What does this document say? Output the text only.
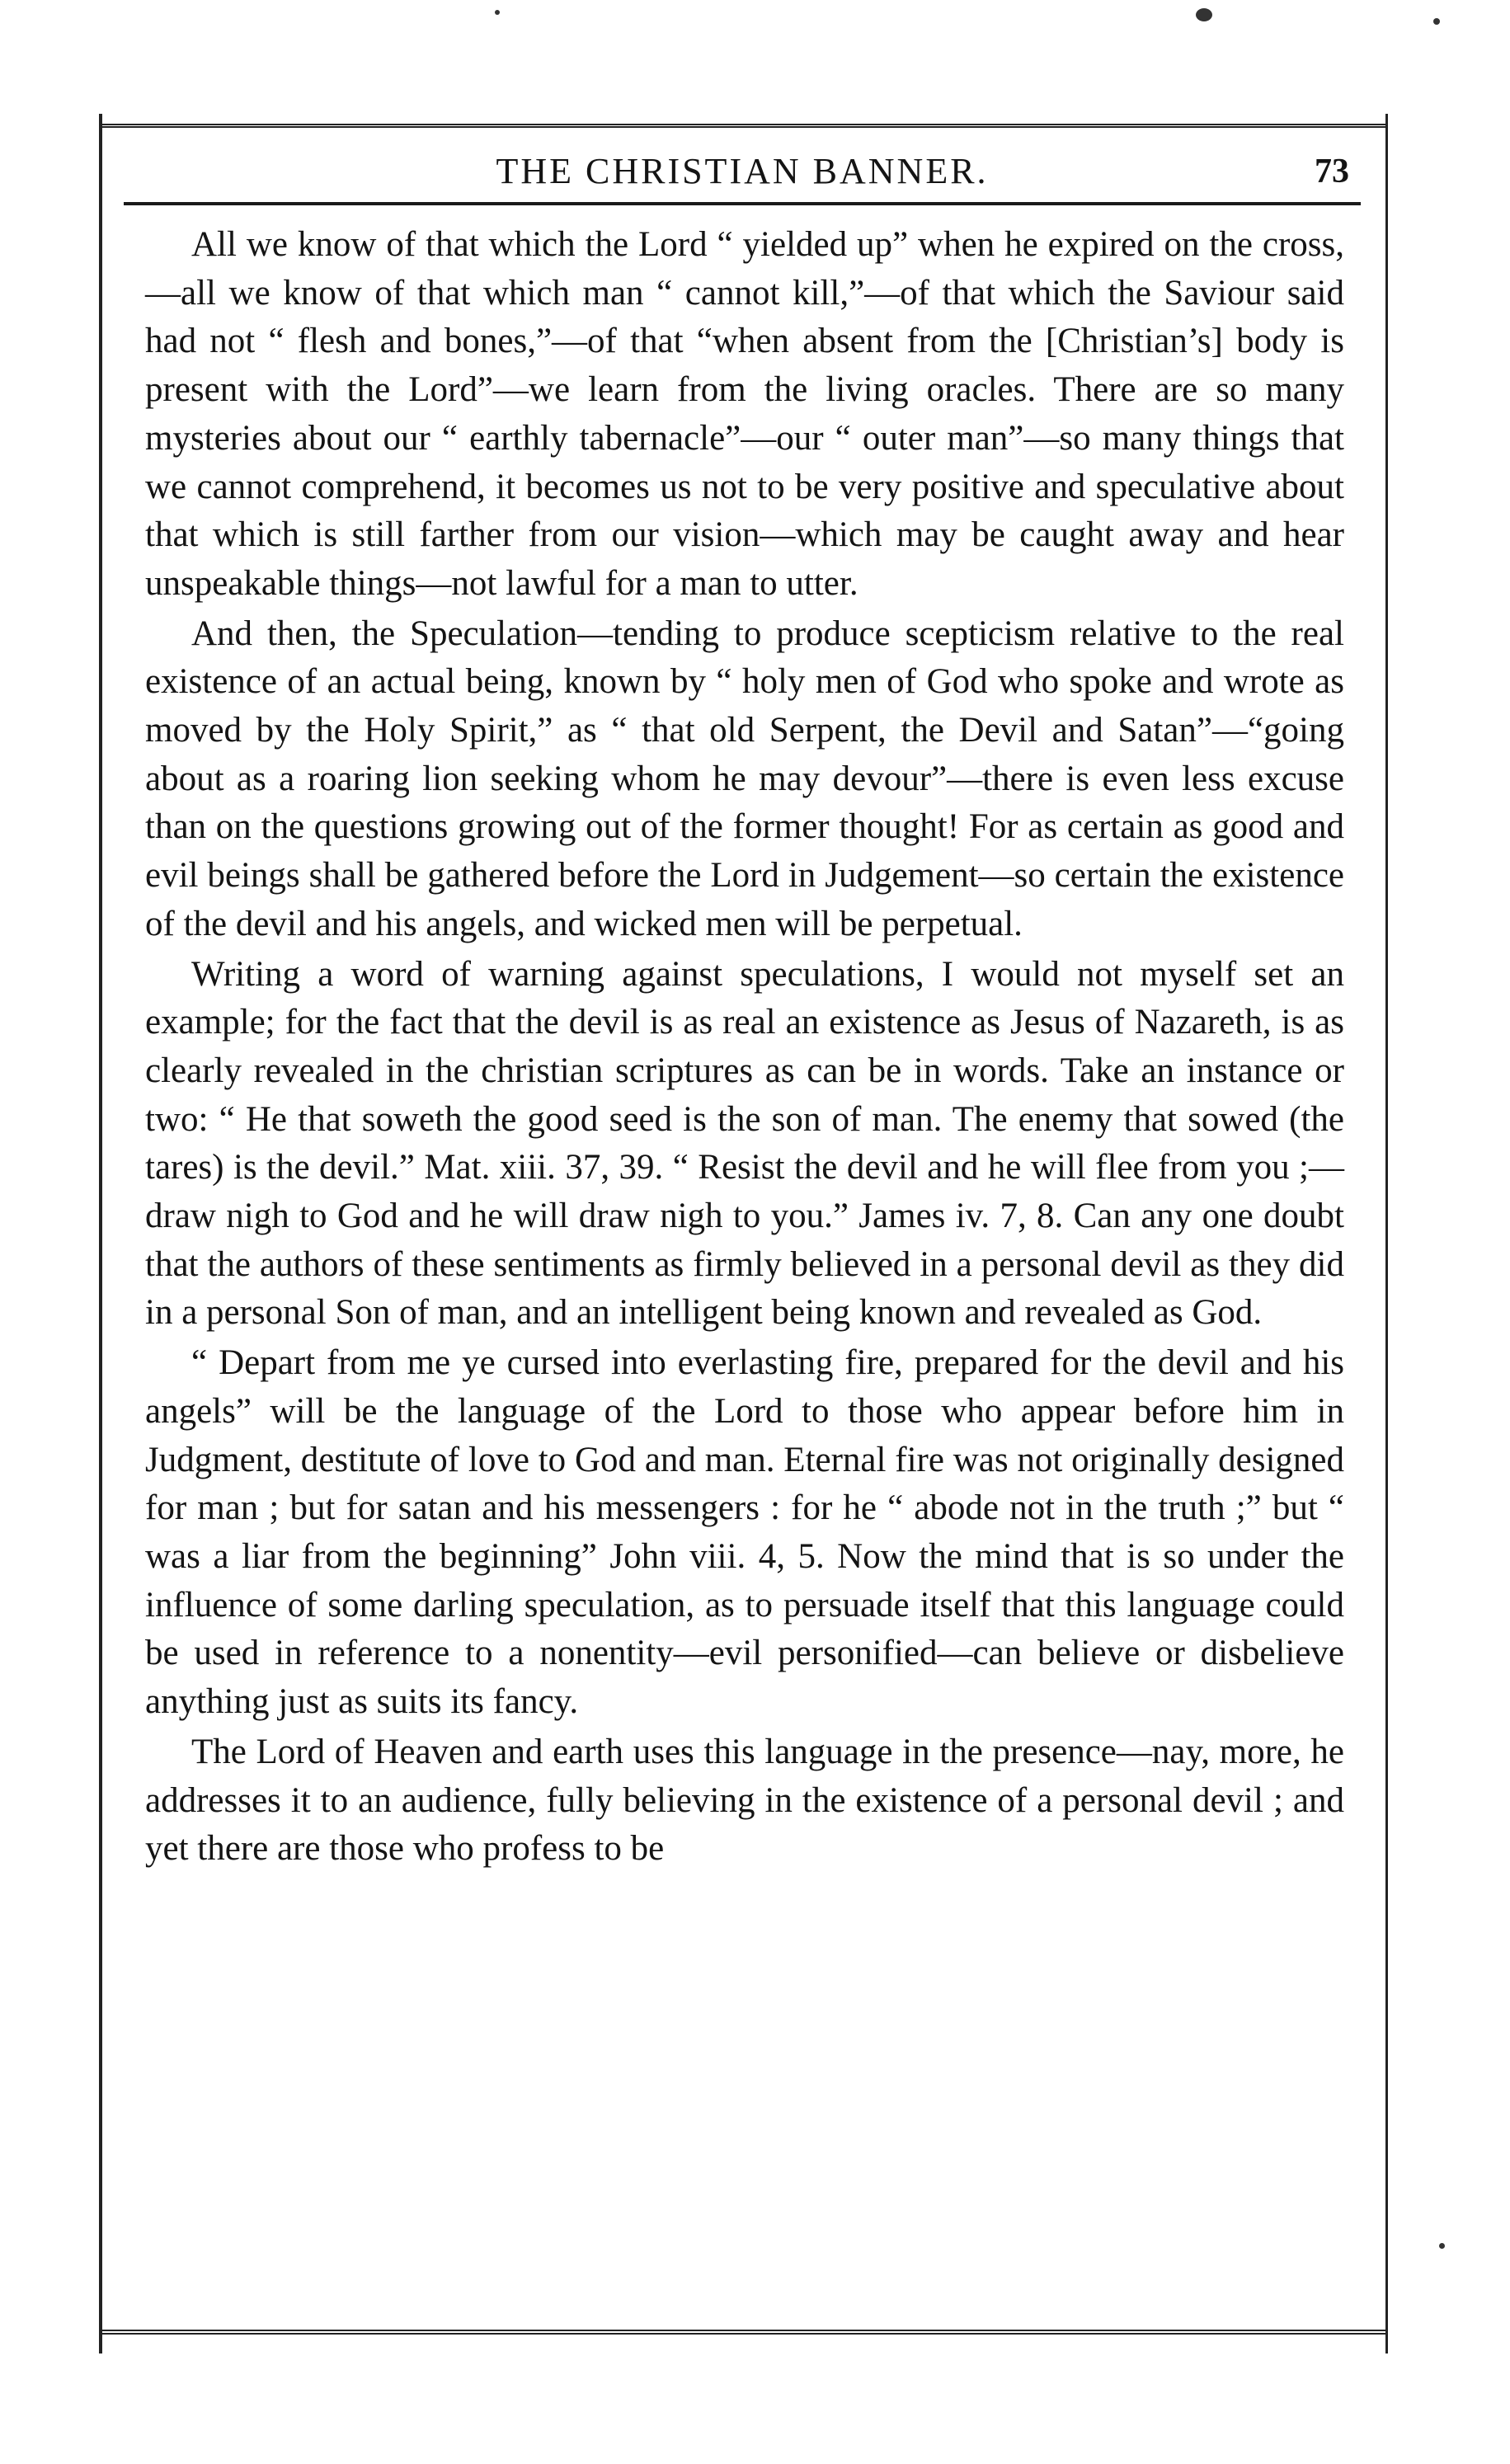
THE CHRISTIAN BANNER.	73

All we know of that which the Lord “ yielded up” when he expired on the cross,—all we know of that which man “ cannot kill,”—of that which the Saviour said had not “ flesh and bones,”—of that “when absent from the [Christian’s] body is present with the Lord”—we learn from the living oracles. There are so many mysteries about our “ earthly tabernacle”—our “ outer man”—so many things that we cannot comprehend, it becomes us not to be very positive and speculative about that which is still farther from our vision—which may be caught away and hear unspeakable things—not lawful for a man to utter.

And then, the Speculation—tending to produce scepticism relative to the real existence of an actual being, known by “ holy men of God who spoke and wrote as moved by the Holy Spirit,” as “ that old Serpent, the Devil and Satan”—“going about as a roaring lion seeking whom he may devour”—there is even less excuse than on the questions growing out of the former thought! For as certain as good and evil beings shall be gathered before the Lord in Judgement—so certain the existence of the devil and his angels, and wicked men will be perpetual.

Writing a word of warning against speculations, I would not myself set an example; for the fact that the devil is as real an existence as Jesus of Nazareth, is as clearly revealed in the christian scriptures as can be in words. Take an instance or two: “ He that soweth the good seed is the son of man. The enemy that sowed (the tares) is the devil.” Mat. xiii. 37, 39. “ Resist the devil and he will flee from you ;—draw nigh to God and he will draw nigh to you.” James iv. 7, 8. Can any one doubt that the authors of these sentiments as firmly believed in a personal devil as they did in a personal Son of man, and an intelligent being known and revealed as God.

“ Depart from me ye cursed into everlasting fire, prepared for the devil and his angels” will be the language of the Lord to those who appear before him in Judgment, destitute of love to God and man. Eternal fire was not originally designed for man ; but for satan and his messengers : for he “ abode not in the truth ;” but “ was a liar from the beginning” John viii. 4, 5. Now the mind that is so under the influence of some darling speculation, as to persuade itself that this language could be used in reference to a nonentity—evil personified—can believe or disbelieve anything just as suits its fancy.

The Lord of Heaven and earth uses this language in the presence—nay, more, he addresses it to an audience, fully believing in the existence of a personal devil ; and yet there are those who profess to be
